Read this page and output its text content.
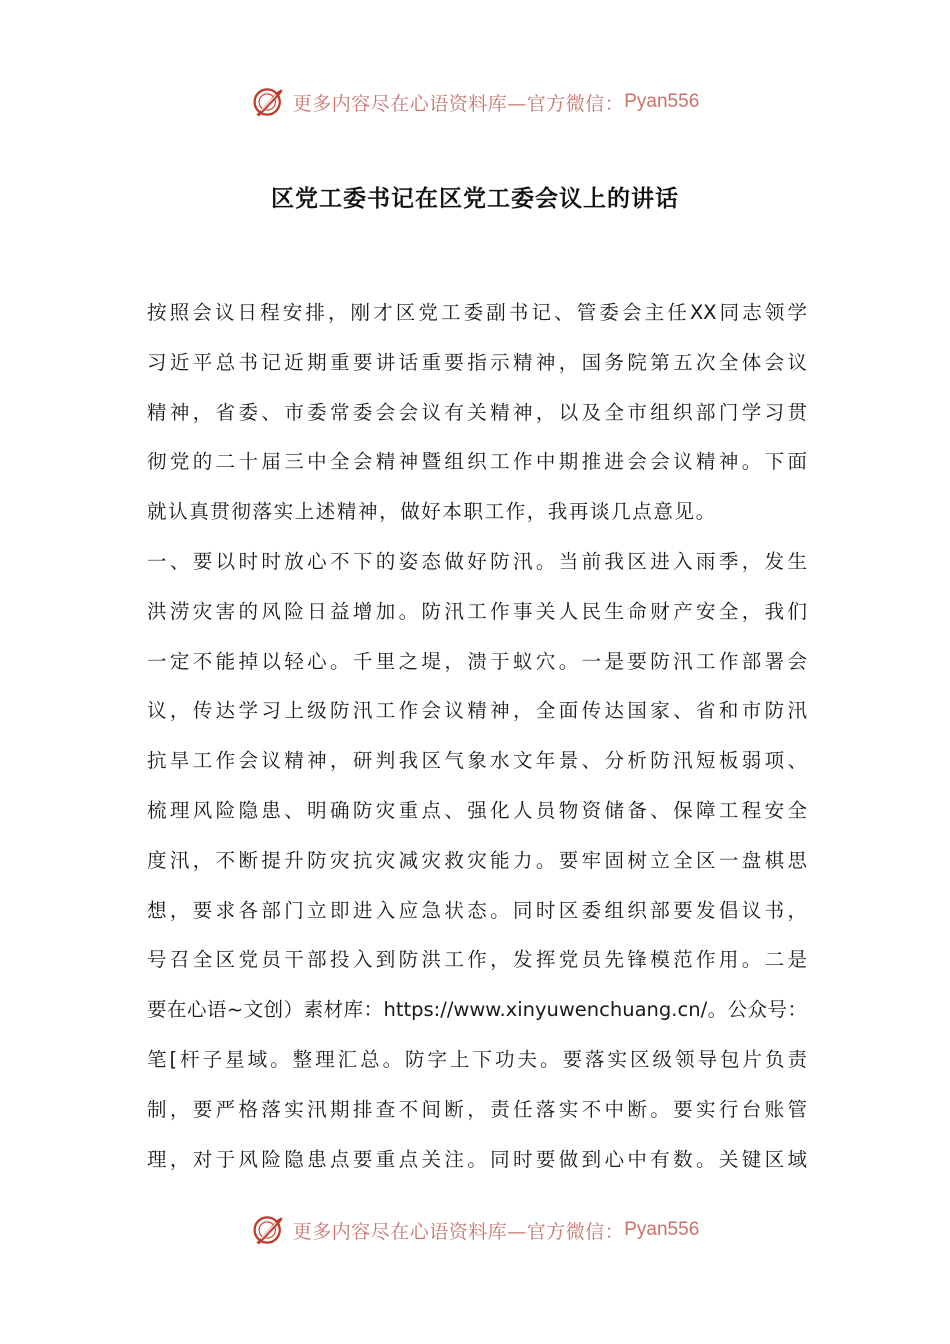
更多内容尽在心语资料库—官方微信： Pyan556
区党工委书记在区党工委会议上的讲话
按照会议日程安排，刚才区党工委副书记、管委会主任XX同志领学
习近平总书记近期重要讲话重要指示精神，国务院第五次全体会议
精神，省委、市委常委会会议有关精神，以及全市组织部门学习贯
彻党的二十届三中全会精神暨组织工作中期推进会会议精神。下面
就认真贯彻落实上述精神，做好本职工作，我再谈几点意见。
一、要以时时放心不下的姿态做好防汛。当前我区进入雨季，发生
洪涝灾害的风险日益增加。防汛工作事关人民生命财产安全，我们
一定不能掉以轻心。千里之堤，溃于蚁穴。一是要防汛工作部署会
议，传达学习上级防汛工作会议精神，全面传达国家、省和市防汛
抗旱工作会议精神，研判我区气象水文年景、分析防汛短板弱项、
梳理风险隐患、明确防灾重点、强化人员物资储备、保障工程安全
度汛，不断提升防灾抗灾减灾救灾能力。要牢固树立全区一盘棋思
想，要求各部门立即进入应急状态。同时区委组织部要发倡议书，
号召全区党员干部投入到防洪工作，发挥党员先锋模范作用。二是
要在心语~文创）素材库：https://www.xinyuwenchuang.cn/。公众号：
笔[杆子星域。整理汇总。防字上下功夫。要落实区级领导包片负责
制，要严格落实汛期排查不间断，责任落实不中断。要实行台账管
理，对于风险隐患点要重点关注。同时要做到心中有数。关键区域
更多内容尽在心语资料库—官方微信： Pyan556
